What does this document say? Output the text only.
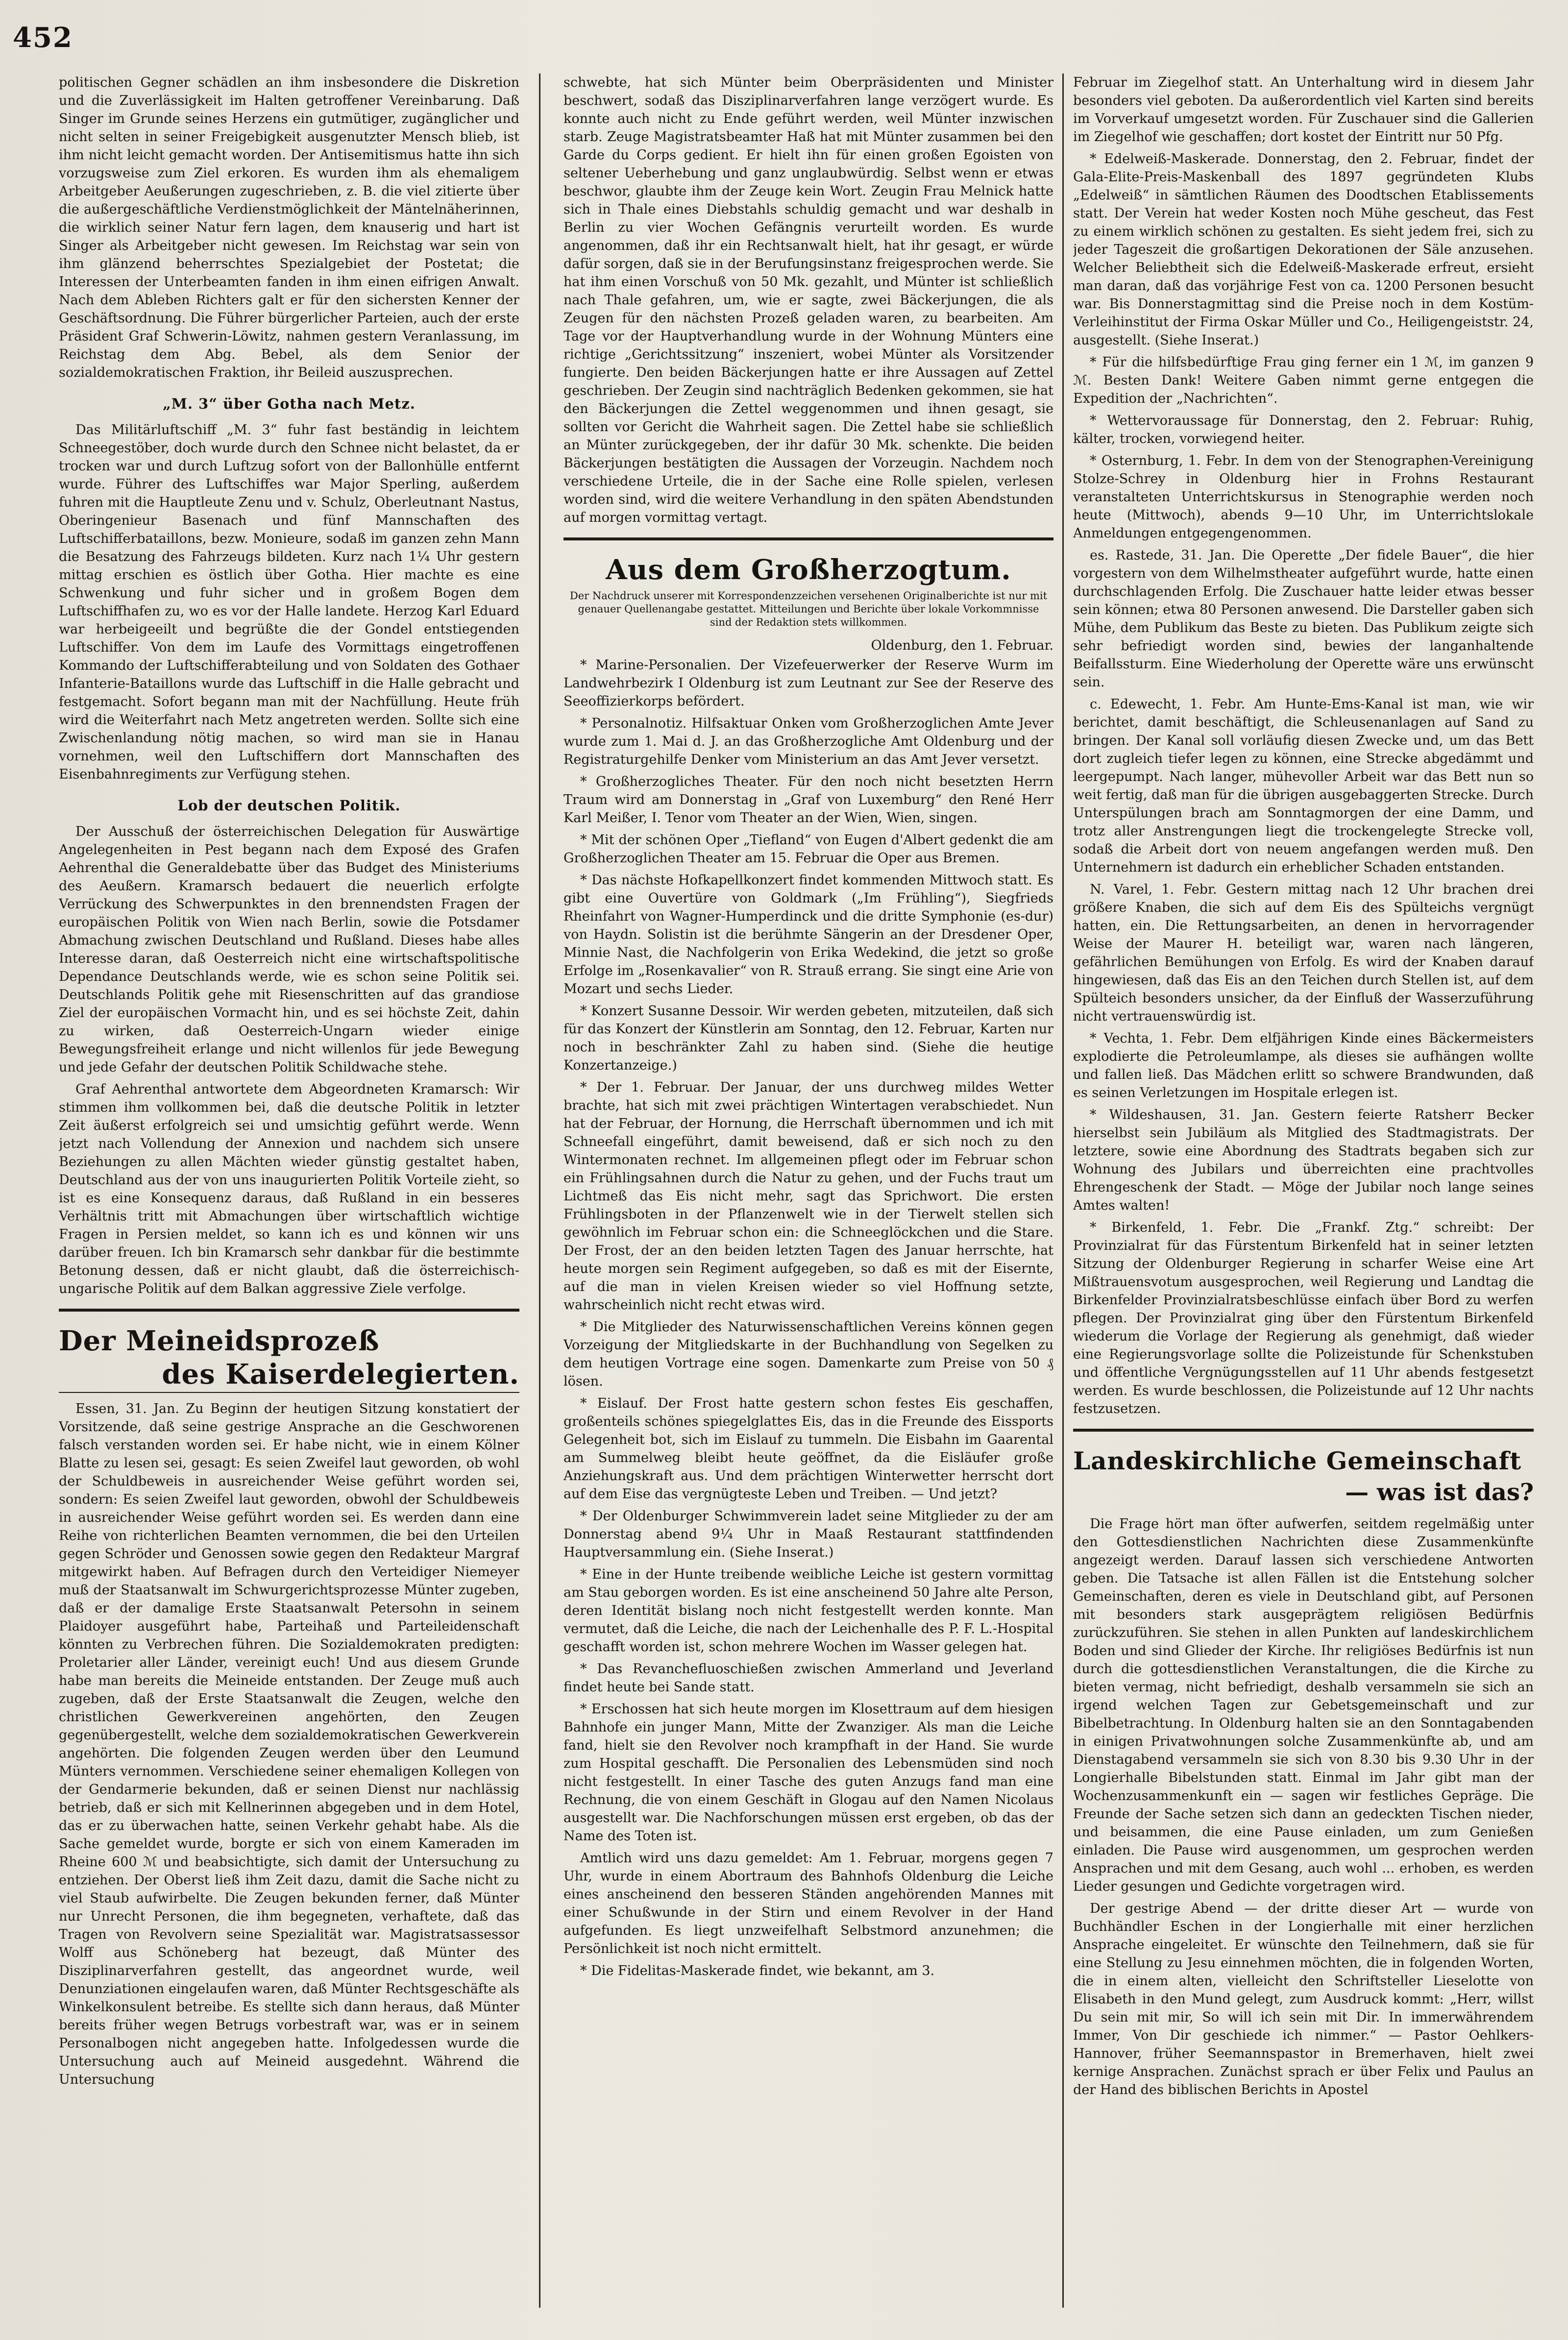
452

politischen Gegner schädlen an ihm insbesondere die Diskretion und die Zuverlässigkeit im Halten getroffener Vereinbarung. Daß Singer im Grunde seines Herzens ein gutmütiger, zugänglicher und nicht selten in seiner Freigebigkeit ausgenutzter Mensch blieb, ist ihm nicht leicht gemacht worden. Der Antisemitismus hatte ihn sich vorzugsweise zum Ziel erkoren. Es wurden ihm als ehemaligem Arbeitgeber Aeußerungen zugeschrieben, z. B. die viel zitierte über die außergeschäftliche Verdienstmöglichkeit der Mäntelnäherinnen, die wirklich seiner Natur fern lagen, dem knauserig und hart ist Singer als Arbeitgeber nicht gewesen. Im Reichstag war sein von ihm glänzend beherrschtes Spezialgebiet der Postetat; die Interessen der Unterbeamten fanden in ihm einen eifrigen Anwalt. Nach dem Ableben Richters galt er für den sichersten Kenner der Geschäftsordnung. Die Führer bürgerlicher Parteien, auch der erste Präsident Graf Schwerin-Löwitz, nahmen gestern Veranlassung, im Reichstag dem Abg. Bebel, als dem Senior der sozialdemokratischen Fraktion, ihr Beileid auszusprechen.

„M. 3“ über Gotha nach Metz.

Das Militärluftschiff „M. 3“ fuhr fast beständig in leichtem Schneegestöber, doch wurde durch den Schnee nicht belastet, da er trocken war und durch Luftzug sofort von der Ballonhülle entfernt wurde. Führer des Luftschiffes war Major Sperling, außerdem fuhren mit die Hauptleute Zenu und v. Schulz, Oberleutnant Nastus, Oberingenieur Basenach und fünf Mannschaften des Luftschifferbataillons, bezw. Monieure, sodaß im ganzen zehn Mann die Besatzung des Fahrzeugs bildeten. Kurz nach 1¼ Uhr gestern mittag erschien es östlich über Gotha. Hier machte es eine Schwenkung und fuhr sicher und in großem Bogen dem Luftschiffhafen zu, wo es vor der Halle landete. Herzog Karl Eduard war herbeigeeilt und begrüßte die der Gondel entstiegenden Luftschiffer. Von dem im Laufe des Vormittags eingetroffenen Kommando der Luftschifferabteilung und von Soldaten des Gothaer Infanterie-Bataillons wurde das Luftschiff in die Halle gebracht und festgemacht. Sofort begann man mit der Nachfüllung. Heute früh wird die Weiterfahrt nach Metz angetreten werden. Sollte sich eine Zwischenlandung nötig machen, so wird man sie in Hanau vornehmen, weil den Luftschiffern dort Mannschaften des Eisenbahnregiments zur Verfügung stehen.

Lob der deutschen Politik.

Der Ausschuß der österreichischen Delegation für Auswärtige Angelegenheiten in Pest begann nach dem Exposé des Grafen Aehrenthal die Generaldebatte über das Budget des Ministeriums des Aeußern. Kramarsch bedauert die neuerlich erfolgte Verrückung des Schwerpunktes in den brennendsten Fragen der europäischen Politik von Wien nach Berlin, sowie die Potsdamer Abmachung zwischen Deutschland und Rußland. Dieses habe alles Interesse daran, daß Oesterreich nicht eine wirtschaftspolitische Dependance Deutschlands werde, wie es schon seine Politik sei. Deutschlands Politik gehe mit Riesenschritten auf das grandiose Ziel der europäischen Vormacht hin, und es sei höchste Zeit, dahin zu wirken, daß Oesterreich-Ungarn wieder einige Bewegungsfreiheit erlange und nicht willenlos für jede Bewegung und jede Gefahr der deutschen Politik Schildwache stehe.

Graf Aehrenthal antwortete dem Abgeordneten Kramarsch: Wir stimmen ihm vollkommen bei, daß die deutsche Politik in letzter Zeit äußerst erfolgreich sei und umsichtig geführt werde. Wenn jetzt nach Vollendung der Annexion und nachdem sich unsere Beziehungen zu allen Mächten wieder günstig gestaltet haben, Deutschland aus der von uns inaugurierten Politik Vorteile zieht, so ist es eine Konsequenz daraus, daß Rußland in ein besseres Verhältnis tritt mit Abmachungen über wirtschaftlich wichtige Fragen in Persien meldet, so kann ich es und können wir uns darüber freuen. Ich bin Kramarsch sehr dankbar für die bestimmte Betonung dessen, daß er nicht glaubt, daß die österreichisch-ungarische Politik auf dem Balkan aggressive Ziele verfolge.

Der Meineidsprozeß
des Kaiserdelegierten.

Essen, 31. Jan. Zu Beginn der heutigen Sitzung konstatiert der Vorsitzende, daß seine gestrige Ansprache an die Geschworenen falsch verstanden worden sei. Er habe nicht, wie in einem Kölner Blatte zu lesen sei, gesagt: Es seien Zweifel laut geworden, ob wohl der Schuldbeweis in ausreichender Weise geführt worden sei, sondern: Es seien Zweifel laut geworden, obwohl der Schuldbeweis in ausreichender Weise geführt worden sei. Es werden dann eine Reihe von richterlichen Beamten vernommen, die bei den Urteilen gegen Schröder und Genossen sowie gegen den Redakteur Margraf mitgewirkt haben. Auf Befragen durch den Verteidiger Niemeyer muß der Staatsanwalt im Schwurgerichtsprozesse Münter zugeben, daß er der damalige Erste Staatsanwalt Petersohn in seinem Plaidoyer ausgeführt habe, Parteihaß und Parteileidenschaft könnten zu Verbrechen führen. Die Sozialdemokraten predigten: Proletarier aller Länder, vereinigt euch! Und aus diesem Grunde habe man bereits die Meineide entstanden. Der Zeuge muß auch zugeben, daß der Erste Staatsanwalt die Zeugen, welche den christlichen Gewerkvereinen angehörten, den Zeugen gegenübergestellt, welche dem sozialdemokratischen Gewerkverein angehörten. Die folgenden Zeugen werden über den Leumund Münters vernommen. Verschiedene seiner ehemaligen Kollegen von der Gendarmerie bekunden, daß er seinen Dienst nur nachlässig betrieb, daß er sich mit Kellnerinnen abgegeben und in dem Hotel, das er zu überwachen hatte, seinen Verkehr gehabt habe. Als die Sache gemeldet wurde, borgte er sich von einem Kameraden im Rheine 600 ℳ und beabsichtigte, sich damit der Untersuchung zu entziehen. Der Oberst ließ ihm Zeit dazu, damit die Sache nicht zu viel Staub aufwirbelte. Die Zeugen bekunden ferner, daß Münter nur Unrecht Personen, die ihm begegneten, verhaftete, daß das Tragen von Revolvern seine Spezialität war. Magistratsassessor Wolff aus Schöneberg hat bezeugt, daß Münter des Disziplinarverfahren gestellt, das angeordnet wurde, weil Denunziationen eingelaufen waren, daß Münter Rechtsgeschäfte als Winkelkonsulent betreibe. Es stellte sich dann heraus, daß Münter bereits früher wegen Betrugs vorbestraft war, was er in seinem Personalbogen nicht angegeben hatte. Infolgedessen wurde die Untersuchung auch auf Meineid ausgedehnt. Während die Untersuchung

schwebte, hat sich Münter beim Oberpräsidenten und Minister beschwert, sodaß das Disziplinarverfahren lange verzögert wurde. Es konnte auch nicht zu Ende geführt werden, weil Münter inzwischen starb. Zeuge Magistratsbeamter Haß hat mit Münter zusammen bei den Garde du Corps gedient. Er hielt ihn für einen großen Egoisten von seltener Ueberhebung und ganz unglaubwürdig. Selbst wenn er etwas beschwor, glaubte ihm der Zeuge kein Wort. Zeugin Frau Melnick hatte sich in Thale eines Diebstahls schuldig gemacht und war deshalb in Berlin zu vier Wochen Gefängnis verurteilt worden. Es wurde angenommen, daß ihr ein Rechtsanwalt hielt, hat ihr gesagt, er würde dafür sorgen, daß sie in der Berufungsinstanz freigesprochen werde. Sie hat ihm einen Vorschuß von 50 Mk. gezahlt, und Münter ist schließlich nach Thale gefahren, um, wie er sagte, zwei Bäckerjungen, die als Zeugen für den nächsten Prozeß geladen waren, zu bearbeiten. Am Tage vor der Hauptverhandlung wurde in der Wohnung Münters eine richtige „Gerichtssitzung“ inszeniert, wobei Münter als Vorsitzender fungierte. Den beiden Bäckerjungen hatte er ihre Aussagen auf Zettel geschrieben. Der Zeugin sind nachträglich Bedenken gekommen, sie hat den Bäckerjungen die Zettel weggenommen und ihnen gesagt, sie sollten vor Gericht die Wahrheit sagen. Die Zettel habe sie schließlich an Münter zurückgegeben, der ihr dafür 30 Mk. schenkte. Die beiden Bäckerjungen bestätigten die Aussagen der Vorzeugin. Nachdem noch verschiedene Urteile, die in der Sache eine Rolle spielen, verlesen worden sind, wird die weitere Verhandlung in den späten Abendstunden auf morgen vormittag vertagt.

Aus dem Großherzogtum.
Der Nachdruck unserer mit Korrespondenzzeichen versehenen Originalberichte ist nur mit genauer Quellenangabe gestattet. Mitteilungen und Berichte über lokale Vorkommnisse sind der Redaktion stets willkommen.
Oldenburg, den 1. Februar.

* Marine-Personalien. Der Vizefeuerwerker der Reserve Wurm im Landwehrbezirk I Oldenburg ist zum Leutnant zur See der Reserve des Seeoffizierkorps befördert.

* Personalnotiz. Hilfsaktuar Onken vom Großherzoglichen Amte Jever wurde zum 1. Mai d. J. an das Großherzogliche Amt Oldenburg und der Registraturgehilfe Denker vom Ministerium an das Amt Jever versetzt.

* Großherzogliches Theater. Für den noch nicht besetzten Herrn Traum wird am Donnerstag in „Graf von Luxemburg“ den René Herr Karl Meißer, I. Tenor vom Theater an der Wien, Wien, singen.

* Mit der schönen Oper „Tiefland“ von Eugen d'Albert gedenkt die am Großherzoglichen Theater am 15. Februar die Oper aus Bremen.

* Das nächste Hofkapellkonzert findet kommenden Mittwoch statt. Es gibt eine Ouvertüre von Goldmark („Im Frühling“), Siegfrieds Rheinfahrt von Wagner-Humperdinck und die dritte Symphonie (es-dur) von Haydn. Solistin ist die berühmte Sängerin an der Dresdener Oper, Minnie Nast, die Nachfolgerin von Erika Wedekind, die jetzt so große Erfolge im „Rosenkavalier“ von R. Strauß errang. Sie singt eine Arie von Mozart und sechs Lieder.

* Konzert Susanne Dessoir. Wir werden gebeten, mitzuteilen, daß sich für das Konzert der Künstlerin am Sonntag, den 12. Februar, Karten nur noch in beschränkter Zahl zu haben sind. (Siehe die heutige Konzertanzeige.)

* Der 1. Februar. Der Januar, der uns durchweg mildes Wetter brachte, hat sich mit zwei prächtigen Wintertagen verabschiedet. Nun hat der Februar, der Hornung, die Herrschaft übernommen und ich mit Schneefall eingeführt, damit beweisend, daß er sich noch zu den Wintermonaten rechnet. Im allgemeinen pflegt oder im Februar schon ein Frühlingsahnen durch die Natur zu gehen, und der Fuchs traut um Lichtmeß das Eis nicht mehr, sagt das Sprichwort. Die ersten Frühlingsboten in der Pflanzenwelt wie in der Tierwelt stellen sich gewöhnlich im Februar schon ein: die Schneeglöckchen und die Stare. Der Frost, der an den beiden letzten Tagen des Januar herrschte, hat heute morgen sein Regiment aufgegeben, so daß es mit der Eisernte, auf die man in vielen Kreisen wieder so viel Hoffnung setzte, wahrscheinlich nicht recht etwas wird.

* Die Mitglieder des Naturwissenschaftlichen Vereins können gegen Vorzeigung der Mitgliedskarte in der Buchhandlung von Segelken zu dem heutigen Vortrage eine sogen. Damenkarte zum Preise von 50 ₰ lösen.

* Eislauf. Der Frost hatte gestern schon festes Eis geschaffen, großenteils schönes spiegelglattes Eis, das in die Freunde des Eissports Gelegenheit bot, sich im Eislauf zu tummeln. Die Eisbahn im Gaarental am Summelweg bleibt heute geöffnet, da die Eisläufer große Anziehungskraft aus. Und dem prächtigen Winterwetter herrscht dort auf dem Eise das vergnügteste Leben und Treiben. — Und jetzt?

* Der Oldenburger Schwimmverein ladet seine Mitglieder zu der am Donnerstag abend 9¼ Uhr in Maaß Restaurant stattfindenden Hauptversammlung ein. (Siehe Inserat.)

* Eine in der Hunte treibende weibliche Leiche ist gestern vormittag am Stau geborgen worden. Es ist eine anscheinend 50 Jahre alte Person, deren Identität bislang noch nicht festgestellt werden konnte. Man vermutet, daß die Leiche, die nach der Leichenhalle des P. F. L.-Hospital geschafft worden ist, schon mehrere Wochen im Wasser gelegen hat.

* Das Revanchefluoschießen zwischen Ammerland und Jeverland findet heute bei Sande statt.

* Erschossen hat sich heute morgen im Klosettraum auf dem hiesigen Bahnhofe ein junger Mann, Mitte der Zwanziger. Als man die Leiche fand, hielt sie den Revolver noch krampfhaft in der Hand. Sie wurde zum Hospital geschafft. Die Personalien des Lebensmüden sind noch nicht festgestellt. In einer Tasche des guten Anzugs fand man eine Rechnung, die von einem Geschäft in Glogau auf den Namen Nicolaus ausgestellt war. Die Nachforschungen müssen erst ergeben, ob das der Name des Toten ist.

Amtlich wird uns dazu gemeldet: Am 1. Februar, morgens gegen 7 Uhr, wurde in einem Abortraum des Bahnhofs Oldenburg die Leiche eines anscheinend den besseren Ständen angehörenden Mannes mit einer Schußwunde in der Stirn und einem Revolver in der Hand aufgefunden. Es liegt unzweifelhaft Selbstmord anzunehmen; die Persönlichkeit ist noch nicht ermittelt.

* Die Fidelitas-Maskerade findet, wie bekannt, am 3.

Februar im Ziegelhof statt. An Unterhaltung wird in diesem Jahr besonders viel geboten. Da außerordentlich viel Karten sind bereits im Vorverkauf umgesetzt worden. Für Zuschauer sind die Gallerien im Ziegelhof wie geschaffen; dort kostet der Eintritt nur 50 Pfg.

* Edelweiß-Maskerade. Donnerstag, den 2. Februar, findet der Gala-Elite-Preis-Maskenball des 1897 gegründeten Klubs „Edelweiß“ in sämtlichen Räumen des Doodtschen Etablissements statt. Der Verein hat weder Kosten noch Mühe gescheut, das Fest zu einem wirklich schönen zu gestalten. Es sieht jedem frei, sich zu jeder Tageszeit die großartigen Dekorationen der Säle anzusehen. Welcher Beliebtheit sich die Edelweiß-Maskerade erfreut, ersieht man daran, daß das vorjährige Fest von ca. 1200 Personen besucht war. Bis Donnerstagmittag sind die Preise noch in dem Kostüm-Verleihinstitut der Firma Oskar Müller und Co., Heiligengeiststr. 24, ausgestellt. (Siehe Inserat.)

* Für die hilfsbedürftige Frau ging ferner ein 1 ℳ, im ganzen 9 ℳ. Besten Dank! Weitere Gaben nimmt gerne entgegen die Expedition der „Nachrichten“.

* Wettervoraussage für Donnerstag, den 2. Februar: Ruhig, kälter, trocken, vorwiegend heiter.

* Osternburg, 1. Febr. In dem von der Stenographen-Vereinigung Stolze-Schrey in Oldenburg hier in Frohns Restaurant veranstalteten Unterrichtskursus in Stenographie werden noch heute (Mittwoch), abends 9—10 Uhr, im Unterrichtslokale Anmeldungen entgegengenommen.

es. Rastede, 31. Jan. Die Operette „Der fidele Bauer“, die hier vorgestern von dem Wilhelmstheater aufgeführt wurde, hatte einen durchschlagenden Erfolg. Die Zuschauer hatte leider etwas besser sein können; etwa 80 Personen anwesend. Die Darsteller gaben sich Mühe, dem Publikum das Beste zu bieten. Das Publikum zeigte sich sehr befriedigt worden sind, bewies der langanhaltende Beifallssturm. Eine Wiederholung der Operette wäre uns erwünscht sein.

c. Edewecht, 1. Febr. Am Hunte-Ems-Kanal ist man, wie wir berichtet, damit beschäftigt, die Schleusenanlagen auf Sand zu bringen. Der Kanal soll vorläufig diesen Zwecke und, um das Bett dort zugleich tiefer legen zu können, eine Strecke abgedämmt und leergepumpt. Nach langer, mühevoller Arbeit war das Bett nun so weit fertig, daß man für die übrigen ausgebaggerten Strecke. Durch Unterspülungen brach am Sonntagmorgen der eine Damm, und trotz aller Anstrengungen liegt die trockengelegte Strecke voll, sodaß die Arbeit dort von neuem angefangen werden muß. Den Unternehmern ist dadurch ein erheblicher Schaden entstanden.

N. Varel, 1. Febr. Gestern mittag nach 12 Uhr brachen drei größere Knaben, die sich auf dem Eis des Spülteichs vergnügt hatten, ein. Die Rettungsarbeiten, an denen in hervorragender Weise der Maurer H. beteiligt war, waren nach längeren, gefährlichen Bemühungen von Erfolg. Es wird der Knaben darauf hingewiesen, daß das Eis an den Teichen durch Stellen ist, auf dem Spülteich besonders unsicher, da der Einfluß der Wasserzuführung nicht vertrauenswürdig ist.

* Vechta, 1. Febr. Dem elfjährigen Kinde eines Bäckermeisters explodierte die Petroleumlampe, als dieses sie aufhängen wollte und fallen ließ. Das Mädchen erlitt so schwere Brandwunden, daß es seinen Verletzungen im Hospitale erlegen ist.

* Wildeshausen, 31. Jan. Gestern feierte Ratsherr Becker hierselbst sein Jubiläum als Mitglied des Stadtmagistrats. Der letztere, sowie eine Abordnung des Stadtrats begaben sich zur Wohnung des Jubilars und überreichten eine prachtvolles Ehrengeschenk der Stadt. — Möge der Jubilar noch lange seines Amtes walten!

* Birkenfeld, 1. Febr. Die „Frankf. Ztg.“ schreibt: Der Provinzialrat für das Fürstentum Birkenfeld hat in seiner letzten Sitzung der Oldenburger Regierung in scharfer Weise eine Art Mißtrauensvotum ausgesprochen, weil Regierung und Landtag die Birkenfelder Provinzialratsbeschlüsse einfach über Bord zu werfen pflegen. Der Provinzialrat ging über den Fürstentum Birkenfeld wiederum die Vorlage der Regierung als genehmigt, daß wieder eine Regierungsvorlage sollte die Polizeistunde für Schenkstuben und öffentliche Vergnügungsstellen auf 11 Uhr abends festgesetzt werden. Es wurde beschlossen, die Polizeistunde auf 12 Uhr nachts festzusetzen.

Landeskirchliche Gemeinschaft
— was ist das?

Die Frage hört man öfter aufwerfen, seitdem regelmäßig unter den Gottesdienstlichen Nachrichten diese Zusammenkünfte angezeigt werden. Darauf lassen sich verschiedene Antworten geben. Die Tatsache ist allen Fällen ist die Entstehung solcher Gemeinschaften, deren es viele in Deutschland gibt, auf Personen mit besonders stark ausgeprägtem religiösen Bedürfnis zurückzuführen. Sie stehen in allen Punkten auf landeskirchlichem Boden und sind Glieder der Kirche. Ihr religiöses Bedürfnis ist nun durch die gottesdienstlichen Veranstaltungen, die die Kirche zu bieten vermag, nicht befriedigt, deshalb versammeln sie sich an irgend welchen Tagen zur Gebetsgemeinschaft und zur Bibelbetrachtung. In Oldenburg halten sie an den Sonntagabenden in einigen Privatwohnungen solche Zusammenkünfte ab, und am Dienstagabend versammeln sie sich von 8.30 bis 9.30 Uhr in der Longierhalle Bibelstunden statt. Einmal im Jahr gibt man der Wochenzusammenkunft ein — sagen wir festliches Gepräge. Die Freunde der Sache setzen sich dann an gedeckten Tischen nieder, und beisammen, die eine Pause einladen, um zum Genießen einladen. Die Pause wird ausgenommen, um gesprochen werden Ansprachen und mit dem Gesang, auch wohl ... erhoben, es werden Lieder gesungen und Gedichte vorgetragen wird.

Der gestrige Abend — der dritte dieser Art — wurde von Buchhändler Eschen in der Longierhalle mit einer herzlichen Ansprache eingeleitet. Er wünschte den Teilnehmern, daß sie für eine Stellung zu Jesu einnehmen möchten, die in folgenden Worten, die in einem alten, vielleicht den Schriftsteller Lieselotte von Elisabeth in den Mund gelegt, zum Ausdruck kommt: „Herr, willst Du sein mit mir, So will ich sein mit Dir. In immerwährendem Immer, Von Dir geschiede ich nimmer.“ — Pastor Oehlkers-Hannover, früher Seemannspastor in Bremerhaven, hielt zwei kernige Ansprachen. Zunächst sprach er über Felix und Paulus an der Hand des biblischen Berichts in Apostel
